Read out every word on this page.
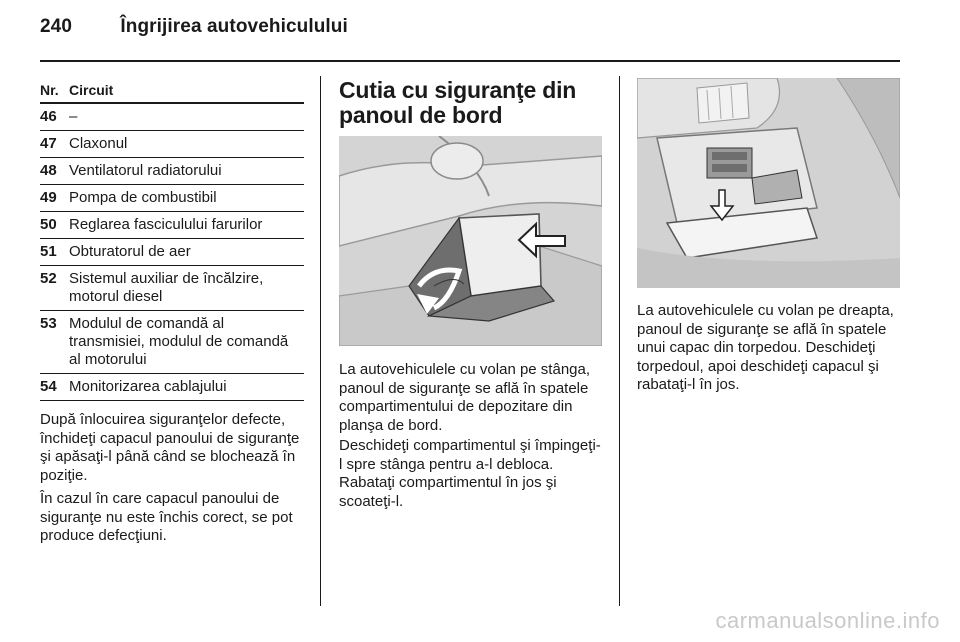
240	Îngrijirea autovehiculului
Nr. Circuit
46 –
47 Claxonul
48 Ventilatorul radiatorului
49 Pompa de combustibil
50 Reglarea fasciculului farurilor
51 Obturatorul de aer
52 Sistemul auxiliar de încălzire, motorul diesel
53 Modulul de comandă al transmisiei, modulul de comandă al motorului
54 Monitorizarea cablajului

După înlocuirea siguranţelor defecte, închideţi capacul panoului de siguranţe şi apăsaţi-l până când se blochează în poziţie.

În cazul în care capacul panoului de siguranţe nu este închis corect, se pot produce defecţiuni.

Cutia cu siguranţe din
panoul de bord

La autovehiculele cu volan pe stânga, panoul de siguranţe se află în spatele compartimentului de depozitare din planşa de bord.

Deschideţi compartimentul şi împingeţi-l spre stânga pentru a-l debloca. Rabataţi compartimentul în jos şi scoateţi-l.

La autovehiculele cu volan pe dreapta, panoul de siguranţe se află în spatele unui capac din torpedou. Deschideţi torpedoul, apoi deschideţi capacul şi rabataţi-l în jos.

carmanualsonline.info
